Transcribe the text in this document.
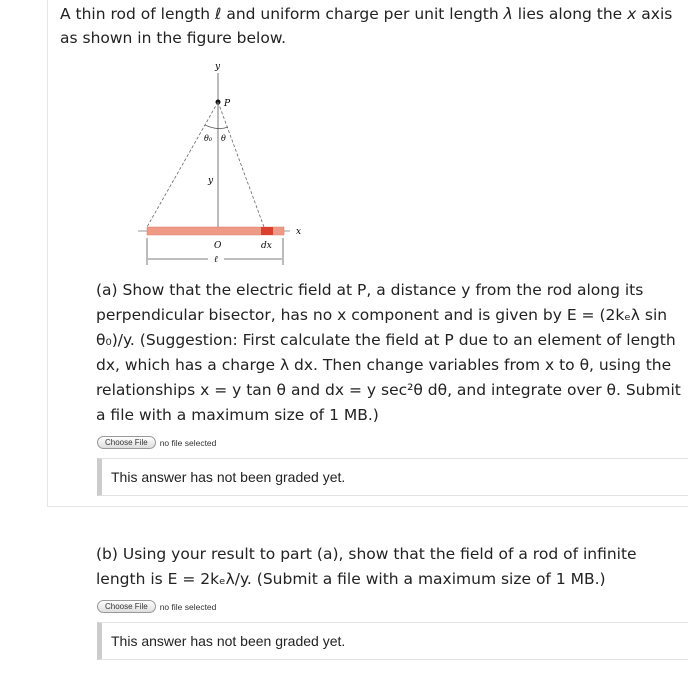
A thin rod of length ℓ and uniform charge per unit length λ lies along the x axis as shown in the figure below.
y
P
θ₀ θ
y
x
O	dx
ℓ
(a) Show that the electric field at P, a distance y from the rod along its perpendicular bisector, has no x component and is given by E = (2kₑλ sin θ₀)/y. (Suggestion: First calculate the field at P due to an element of length dx, which has a charge λ dx. Then change variables from x to θ, using the relationships x = y tan θ and dx = y sec²θ dθ, and integrate over θ. Submit a file with a maximum size of 1 MB.)
Choose File	no file selected
This answer has not been graded yet.
(b) Using your result to part (a), show that the field of a rod of infinite length is E = 2kₑλ/y. (Submit a file with a maximum size of 1 MB.)
Choose File	no file selected
This answer has not been graded yet.
